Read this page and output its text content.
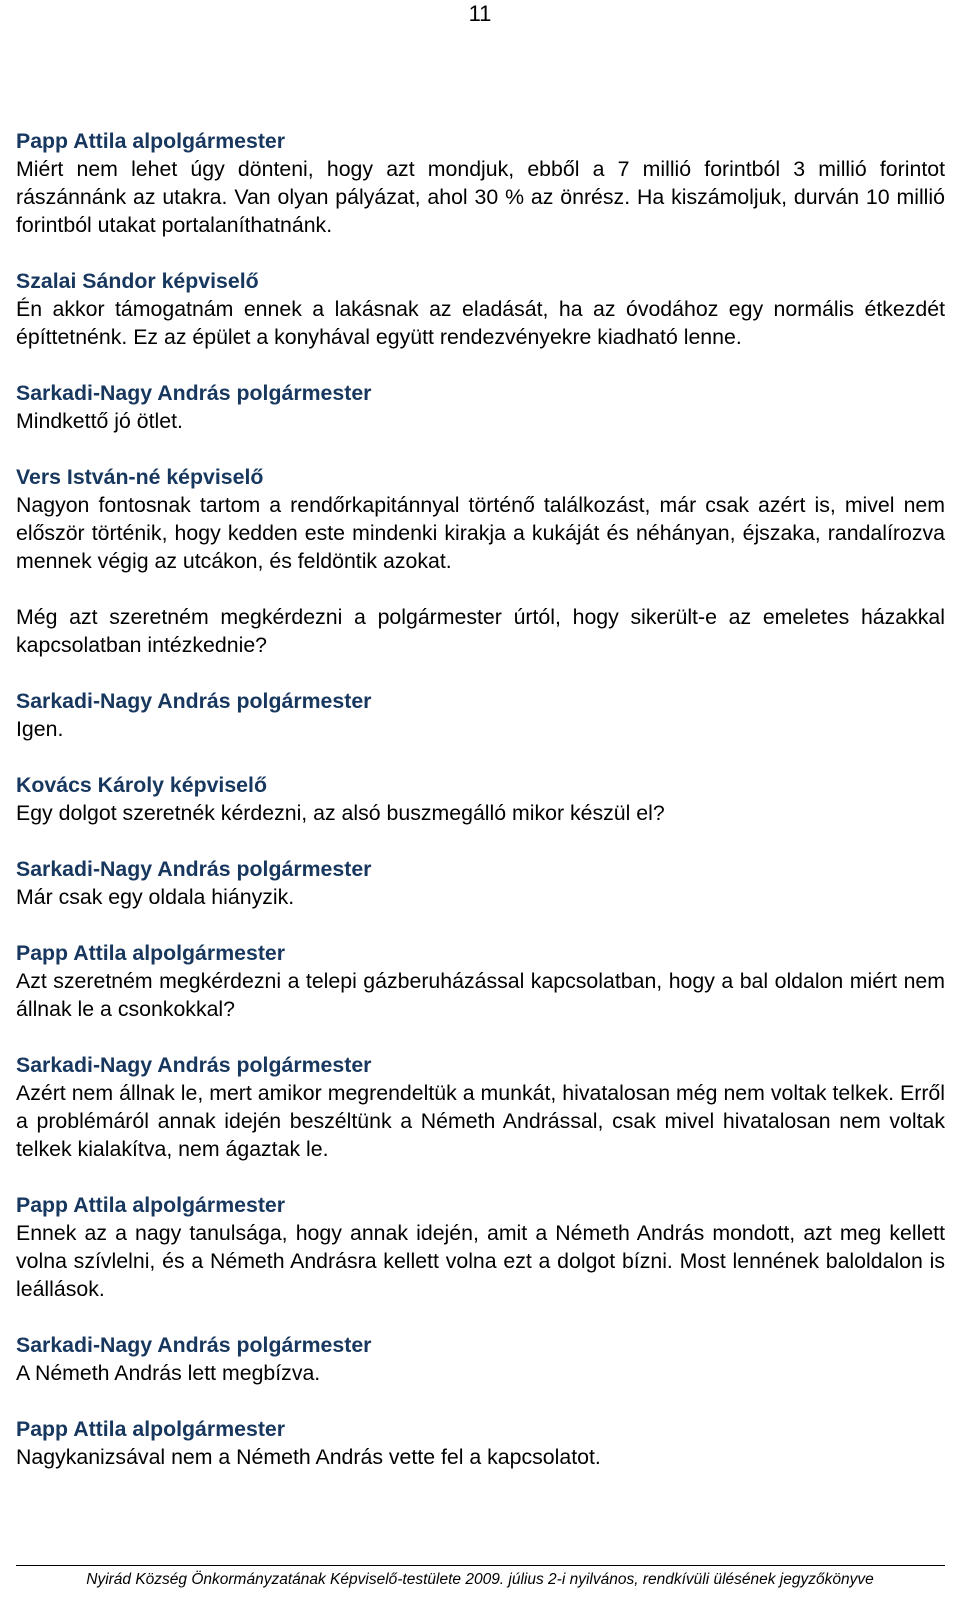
11
Papp Attila alpolgármester
Miért nem lehet úgy dönteni, hogy azt mondjuk, ebből a 7 millió forintból 3 millió forintot rászánnánk az utakra. Van olyan pályázat, ahol 30 % az önrész. Ha kiszámoljuk, durván 10 millió forintból utakat portalaníthatnánk.
Szalai Sándor képviselő
Én akkor támogatnám ennek a lakásnak az eladását, ha az óvodához egy normális étkezdét építtetnénk. Ez az épület a konyhával együtt rendezvényekre kiadható lenne.
Sarkadi-Nagy András polgármester
Mindkettő jó ötlet.
Vers István-né képviselő
Nagyon fontosnak tartom a rendőrkapitánnyal történő találkozást, már csak azért is, mivel nem először történik, hogy kedden este mindenki kirakja a kukáját és néhányan, éjszaka, randalírozva mennek végig az utcákon, és feldöntik azokat.
Még azt szeretném megkérdezni a polgármester úrtól, hogy sikerült-e az emeletes házakkal kapcsolatban intézkednie?
Sarkadi-Nagy András polgármester
Igen.
Kovács Károly képviselő
Egy dolgot szeretnék kérdezni, az alsó buszmegálló mikor készül el?
Sarkadi-Nagy András polgármester
Már csak egy oldala hiányzik.
Papp Attila alpolgármester
Azt szeretném megkérdezni a telepi gázberuházással kapcsolatban, hogy a bal oldalon miért nem állnak le a csonkokkal?
Sarkadi-Nagy András polgármester
Azért nem állnak le, mert amikor megrendeltük a munkát, hivatalosan még nem voltak telkek. Erről a problémáról annak idején beszéltünk a Németh Andrással, csak mivel hivatalosan nem voltak telkek kialakítva, nem ágaztak le.
Papp Attila alpolgármester
Ennek az a nagy tanulsága, hogy annak idején, amit a Németh András mondott, azt meg kellett volna szívlelni, és a Németh Andrásra kellett volna ezt a dolgot bízni. Most lennének baloldalon is leállások.
Sarkadi-Nagy András polgármester
A Németh András lett megbízva.
Papp Attila alpolgármester
Nagykanizsával nem a Németh András vette fel a kapcsolatot.
Nyirád Község Önkormányzatának Képviselő-testülete 2009. július 2-i nyilvános, rendkívüli ülésének jegyzőkönyve
